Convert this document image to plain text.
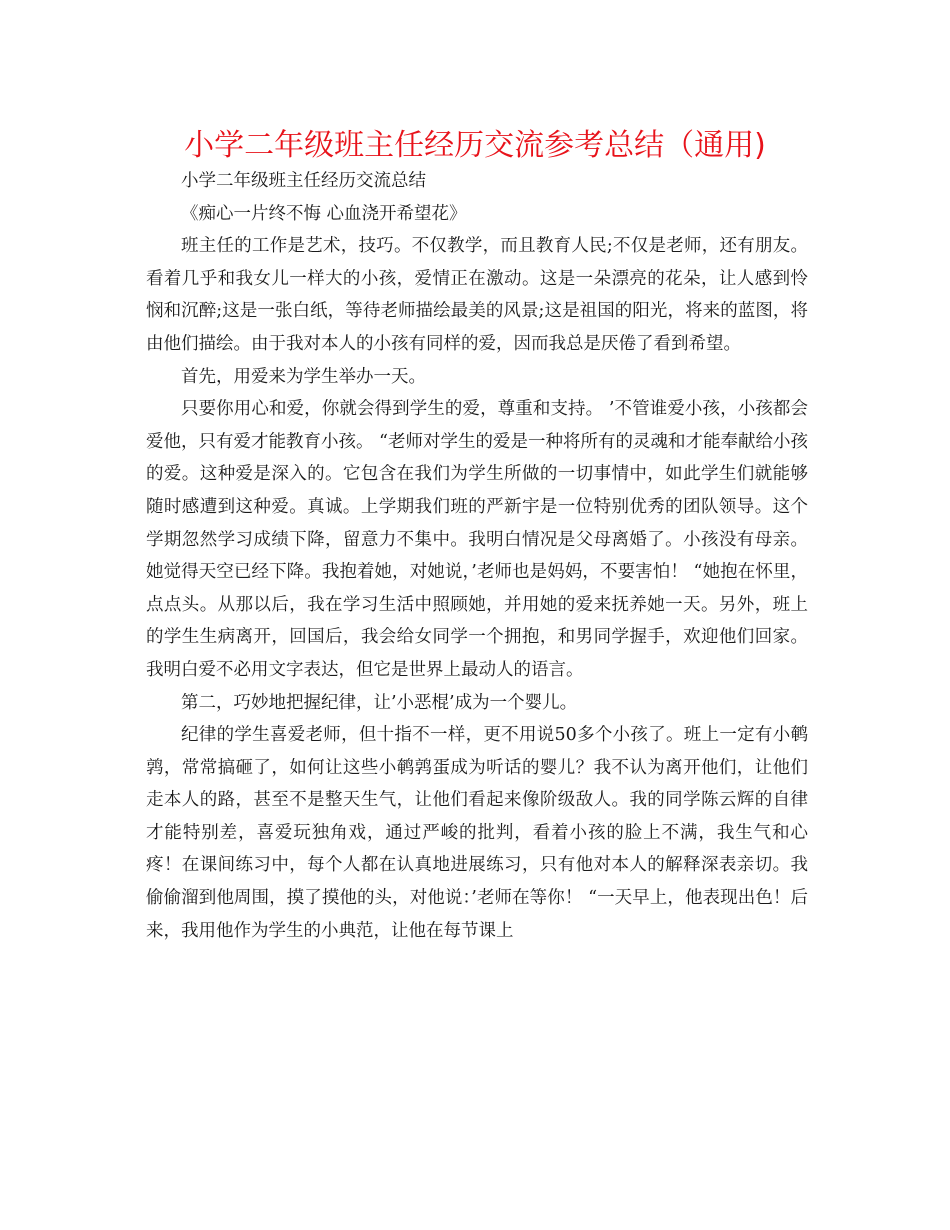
小学二年级班主任经历交流参考总结（通用)

小学二年级班主任经历交流总结

《痴心一片终不悔 心血浇开希望花》

班主任的工作是艺术，技巧。不仅教学，而且教育人民;不仅是老师，还有朋友。看着几乎和我女儿一样大的小孩，爱情正在激动。这是一朵漂亮的花朵，让人感到怜悯和沉醉;这是一张白纸，等待老师描绘最美的风景;这是祖国的阳光，将来的蓝图，将由他们描绘。由于我对本人的小孩有同样的爱，因而我总是厌倦了看到希望。

首先，用爱来为学生举办一天。

只要你用心和爱，你就会得到学生的爱，尊重和支持。 ’不管谁爱小孩，小孩都会爱他，只有爱才能教育小孩。 “老师对学生的爱是一种将所有的灵魂和才能奉献给小孩的爱。这种爱是深入的。它包含在我们为学生所做的一切事情中，如此学生们就能够随时感遭到这种爱。真诚。上学期我们班的严新宇是一位特别优秀的团队领导。这个学期忽然学习成绩下降，留意力不集中。我明白情况是父母离婚了。小孩没有母亲。她觉得天空已经下降。我抱着她，对她说，’老师也是妈妈，不要害怕！ “她抱在怀里，点点头。从那以后，我在学习生活中照顾她，并用她的爱来抚养她一天。另外，班上的学生生病离开，回国后，我会给女同学一个拥抱，和男同学握手，欢迎他们回家。我明白爱不必用文字表达，但它是世界上最动人的语言。

第二，巧妙地把握纪律，让’小恶棍’成为一个婴儿。

纪律的学生喜爱老师，但十指不一样，更不用说50多个小孩了。班上一定有小鹌鹑，常常搞砸了，如何让这些小鹌鹑蛋成为听话的婴儿？我不认为离开他们，让他们走本人的路，甚至不是整天生气，让他们看起来像阶级敌人。我的同学陈云辉的自律才能特别差，喜爱玩独角戏，通过严峻的批判，看着小孩的脸上不满，我生气和心疼！在课间练习中，每个人都在认真地进展练习，只有他对本人的解释深表亲切。我偷偷溜到他周围，摸了摸他的头，对他说：’老师在等你！ “一天早上，他表现出色！后来，我用他作为学生的小典范，让他在每节课上
